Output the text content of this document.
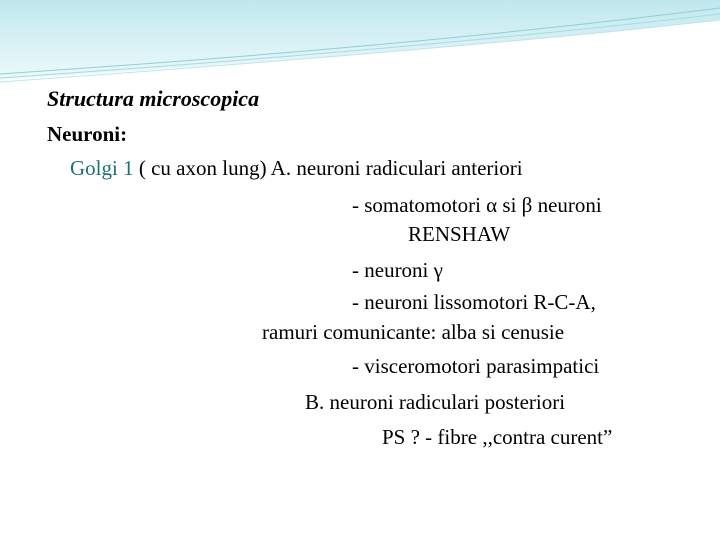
Structura microscopica
Neuroni:
Golgi 1 ( cu axon lung) A. neuroni radiculari anteriori
- somatomotori α si β neuroni
RENSHAW
- neuroni γ
- neuroni lissomotori R-C-A,
ramuri comunicante: alba si cenusie
- visceromotori parasimpatici
B. neuroni radiculari posteriori
PS ? - fibre ,,contra curent”
